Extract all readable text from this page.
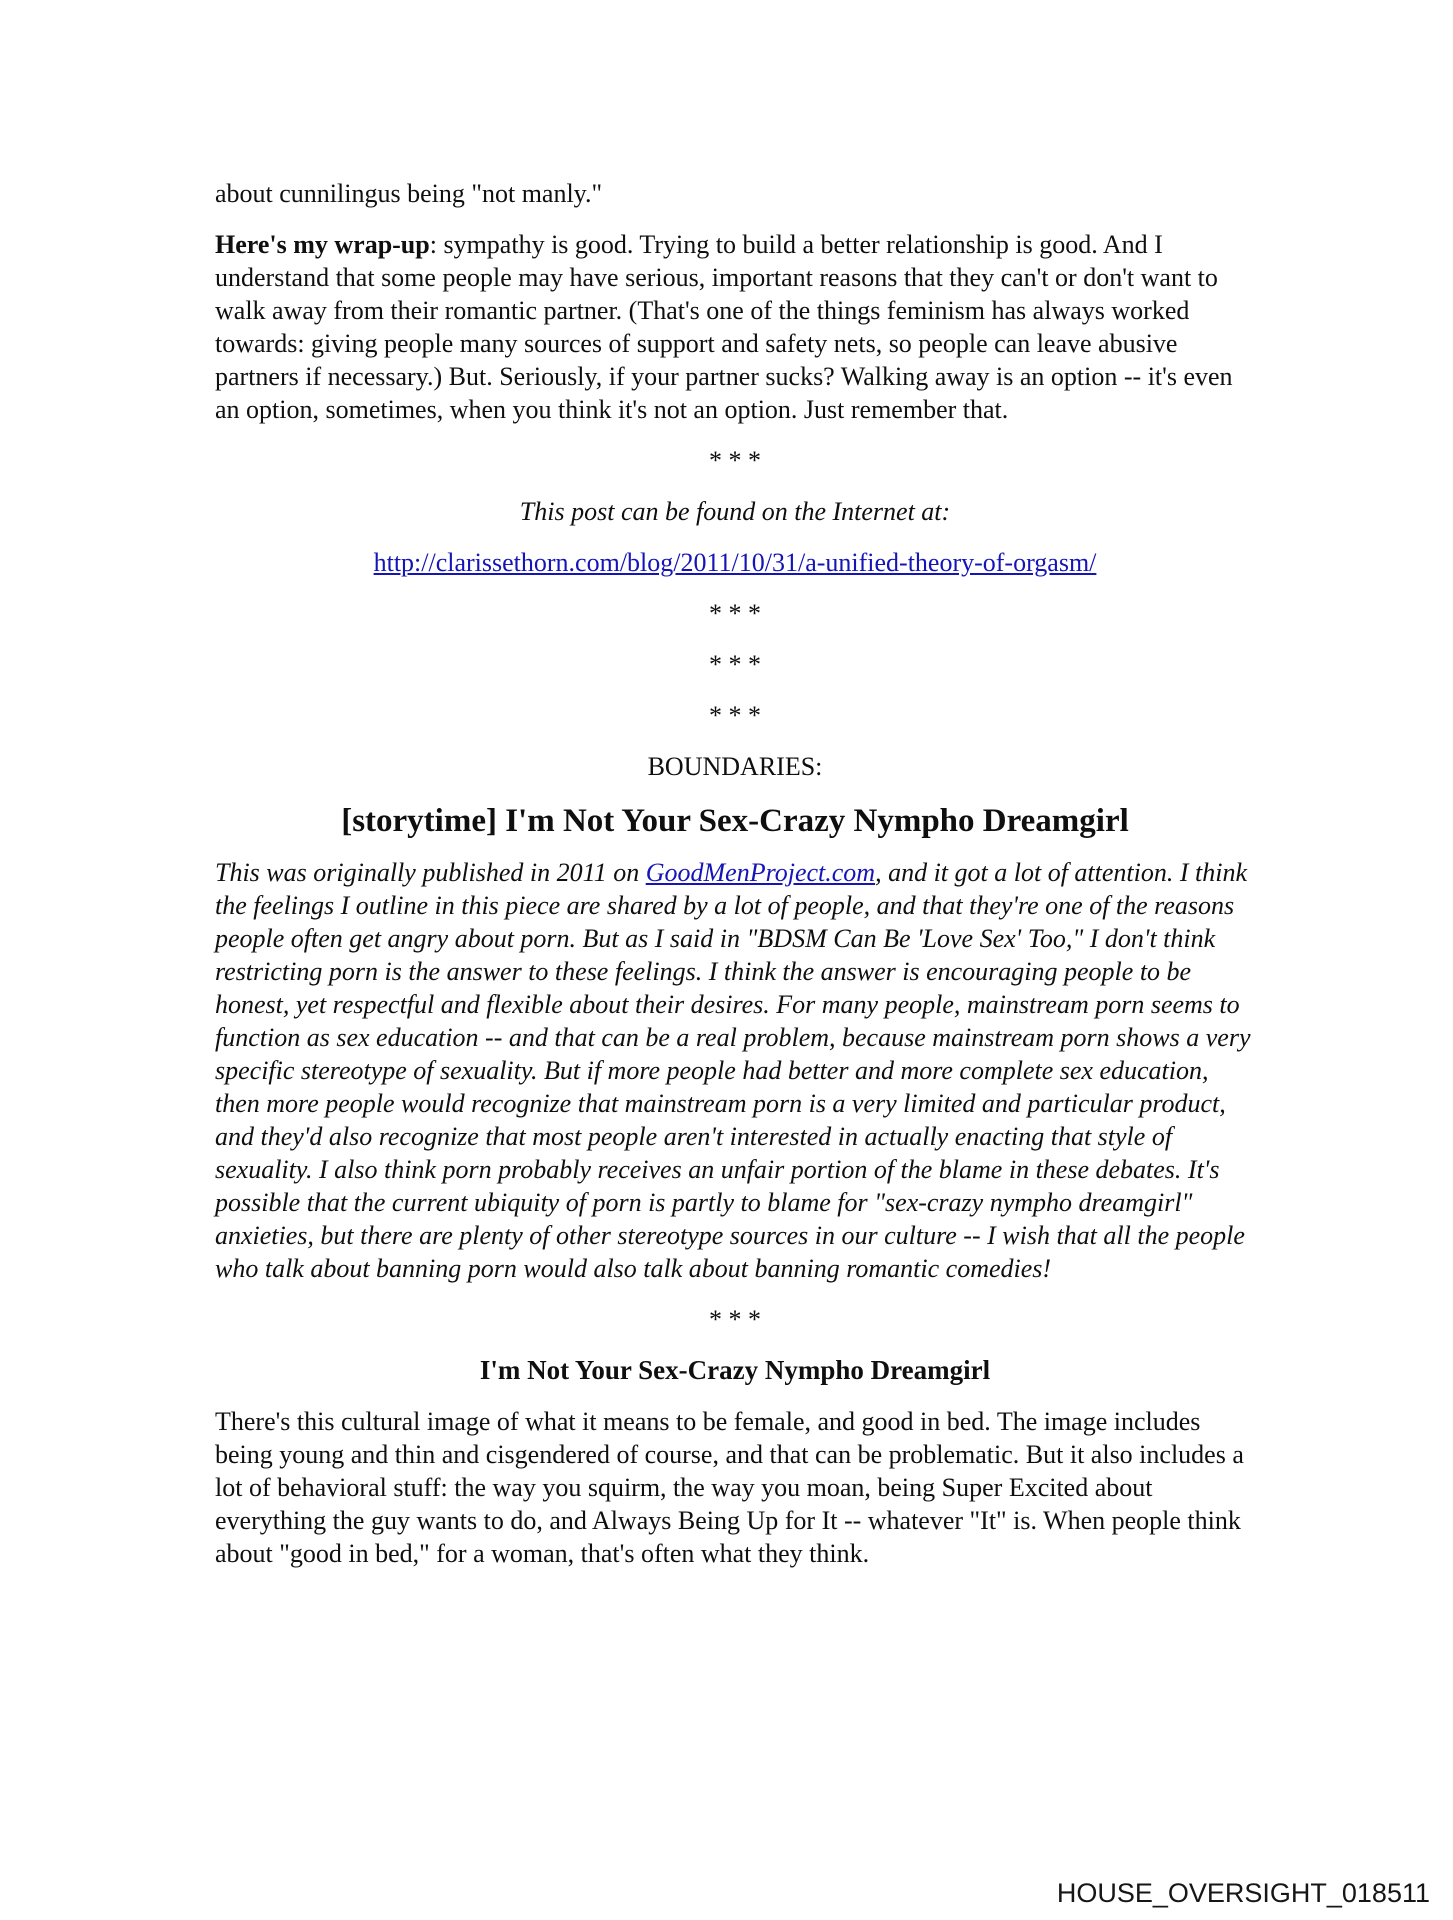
about cunnilingus being "not manly."

Here's my wrap-up: sympathy is good. Trying to build a better relationship is good. And I understand that some people may have serious, important reasons that they can't or don't want to walk away from their romantic partner. (That's one of the things feminism has always worked towards: giving people many sources of support and safety nets, so people can leave abusive partners if necessary.) But. Seriously, if your partner sucks? Walking away is an option -- it's even an option, sometimes, when you think it's not an option. Just remember that.

* * *

This post can be found on the Internet at:

http://clarissethorn.com/blog/2011/10/31/a-unified-theory-of-orgasm/

* * *

* * *

* * *

BOUNDARIES:

[storytime] I'm Not Your Sex-Crazy Nympho Dreamgirl

This was originally published in 2011 on GoodMenProject.com, and it got a lot of attention. I think the feelings I outline in this piece are shared by a lot of people, and that they're one of the reasons people often get angry about porn. But as I said in "BDSM Can Be 'Love Sex' Too," I don't think restricting porn is the answer to these feelings. I think the answer is encouraging people to be honest, yet respectful and flexible about their desires. For many people, mainstream porn seems to function as sex education -- and that can be a real problem, because mainstream porn shows a very specific stereotype of sexuality. But if more people had better and more complete sex education, then more people would recognize that mainstream porn is a very limited and particular product, and they'd also recognize that most people aren't interested in actually enacting that style of sexuality. I also think porn probably receives an unfair portion of the blame in these debates. It's possible that the current ubiquity of porn is partly to blame for "sex-crazy nympho dreamgirl" anxieties, but there are plenty of other stereotype sources in our culture -- I wish that all the people who talk about banning porn would also talk about banning romantic comedies!

* * *

I'm Not Your Sex-Crazy Nympho Dreamgirl

There's this cultural image of what it means to be female, and good in bed. The image includes being young and thin and cisgendered of course, and that can be problematic. But it also includes a lot of behavioral stuff: the way you squirm, the way you moan, being Super Excited about everything the guy wants to do, and Always Being Up for It -- whatever "It" is. When people think about "good in bed," for a woman, that's often what they think.

HOUSE_OVERSIGHT_018511
